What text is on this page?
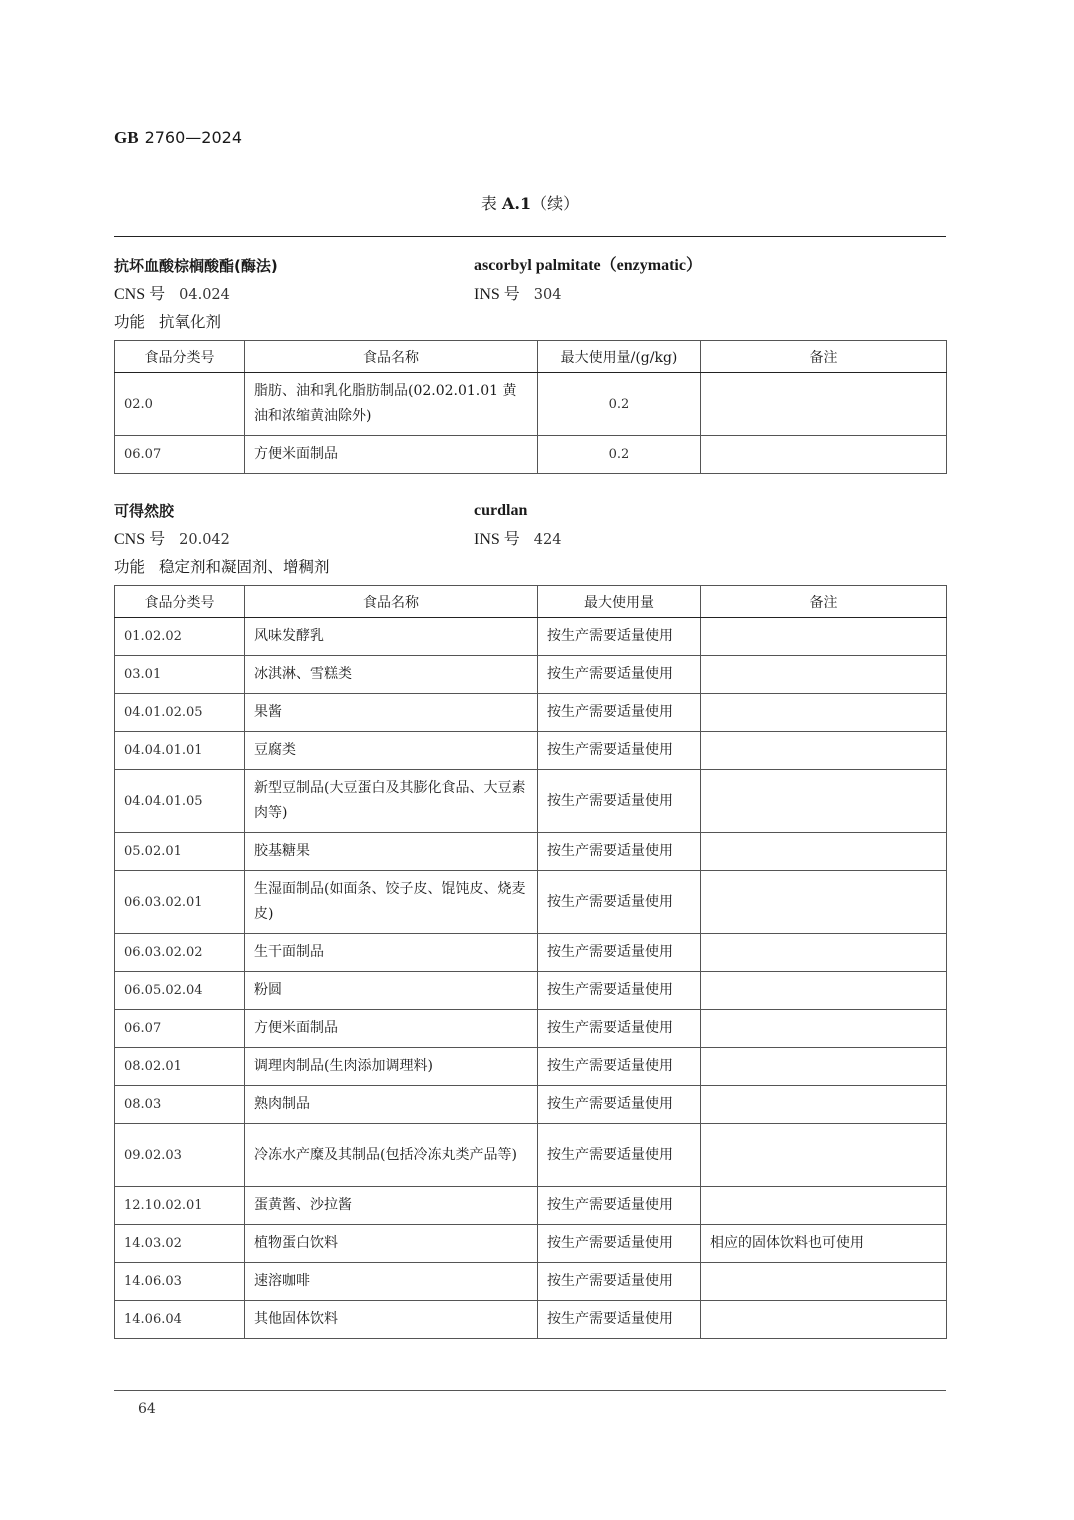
GB 2760—2024
表 A.1（续）
抗坏血酸棕榈酸酯(酶法)	ascorbyl palmitate（enzymatic）
CNS 号 04.024	INS 号 304
功能 抗氧化剂
食品分类号	食品名称	最大使用量/(g/kg)	备注
02.0	脂肪、油和乳化脂肪制品(02.02.01.01 黄油和浓缩黄油除外)	0.2	
06.07	方便米面制品	0.2	
可得然胶	curdlan
CNS 号 20.042	INS 号 424
功能 稳定剂和凝固剂、增稠剂
食品分类号	食品名称	最大使用量	备注
01.02.02	风味发酵乳	按生产需要适量使用	
03.01	冰淇淋、雪糕类	按生产需要适量使用	
04.01.02.05	果酱	按生产需要适量使用	
04.04.01.01	豆腐类	按生产需要适量使用	
04.04.01.05	新型豆制品(大豆蛋白及其膨化食品、大豆素肉等)	按生产需要适量使用	
05.02.01	胶基糖果	按生产需要适量使用	
06.03.02.01	生湿面制品(如面条、饺子皮、馄饨皮、烧麦皮)	按生产需要适量使用	
06.03.02.02	生干面制品	按生产需要适量使用	
06.05.02.04	粉圆	按生产需要适量使用	
06.07	方便米面制品	按生产需要适量使用	
08.02.01	调理肉制品(生肉添加调理料)	按生产需要适量使用	
08.03	熟肉制品	按生产需要适量使用	
09.02.03	冷冻水产糜及其制品(包括冷冻丸类产品等)	按生产需要适量使用	
12.10.02.01	蛋黄酱、沙拉酱	按生产需要适量使用	
14.03.02	植物蛋白饮料	按生产需要适量使用	相应的固体饮料也可使用
14.06.03	速溶咖啡	按生产需要适量使用	
14.06.04	其他固体饮料	按生产需要适量使用	
64
